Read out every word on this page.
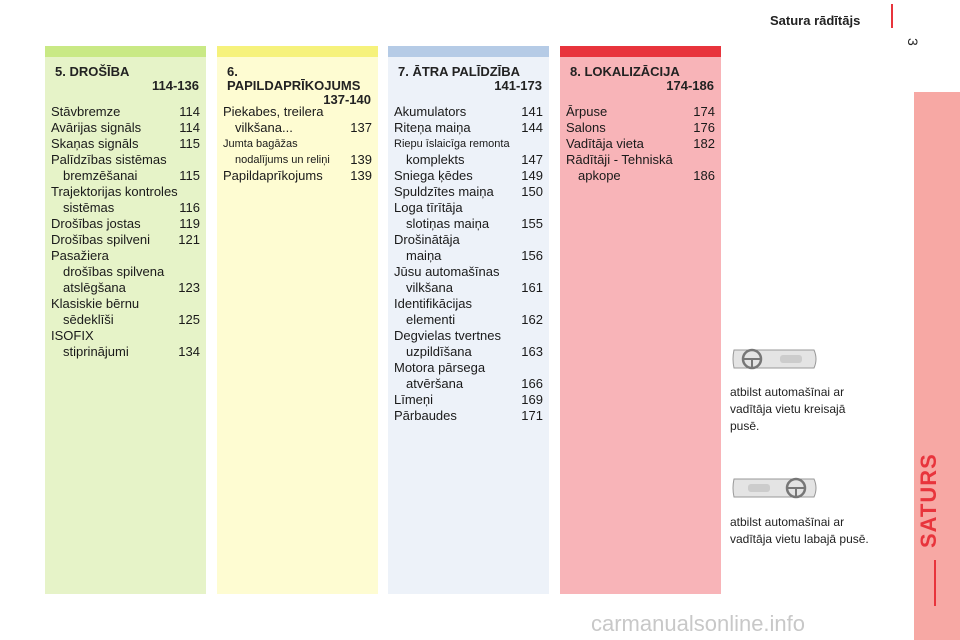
Satura rādītājs
3
SATURS
5. DROŠĪBA
114-136
Stāvbremze	114
Avārijas signāls	114
Skaņas signāls	115
Palīdzības sistēmas
bremzēšanai	115
Trajektorijas kontroles
sistēmas	116
Drošības jostas	119
Drošības spilveni	121
Pasažiera
drošības spilvena
atslēgšana	123
Klasiskie bērnu
sēdeklīši	125
ISOFIX
stiprinājumi	134
6. PAPILDAPRĪKOJUMS
137-140
Piekabes, treilera
vilkšana...	137
Jumta bagāžas
nodalījums un reliņi	139
Papildaprīkojums	139
7. ĀTRA PALĪDZĪBA
141-173
Akumulators	141
Riteņa maiņa	144
Riepu īslaicīga remonta
komplekts	147
Sniega ķēdes	149
Spuldzītes maiņa	150
Loga tīrītāja
slotiņas maiņa	155
Drošinātāja
maiņa	156
Jūsu automašīnas
vilkšana	161
Identifikācijas
elementi	162
Degvielas tvertnes
uzpildīšana	163
Motora pārsega
atvēršana	166
Līmeņi	169
Pārbaudes	171
8. LOKALIZĀCIJA
174-186
Ārpuse	174
Salons	176
Vadītāja vieta	182
Rādītāji - Tehniskā
apkope	186
atbilst automašīnai ar vadītāja vietu kreisajā pusē.
atbilst automašīnai ar vadītāja vietu labajā pusē.
carmanualsonline.info
